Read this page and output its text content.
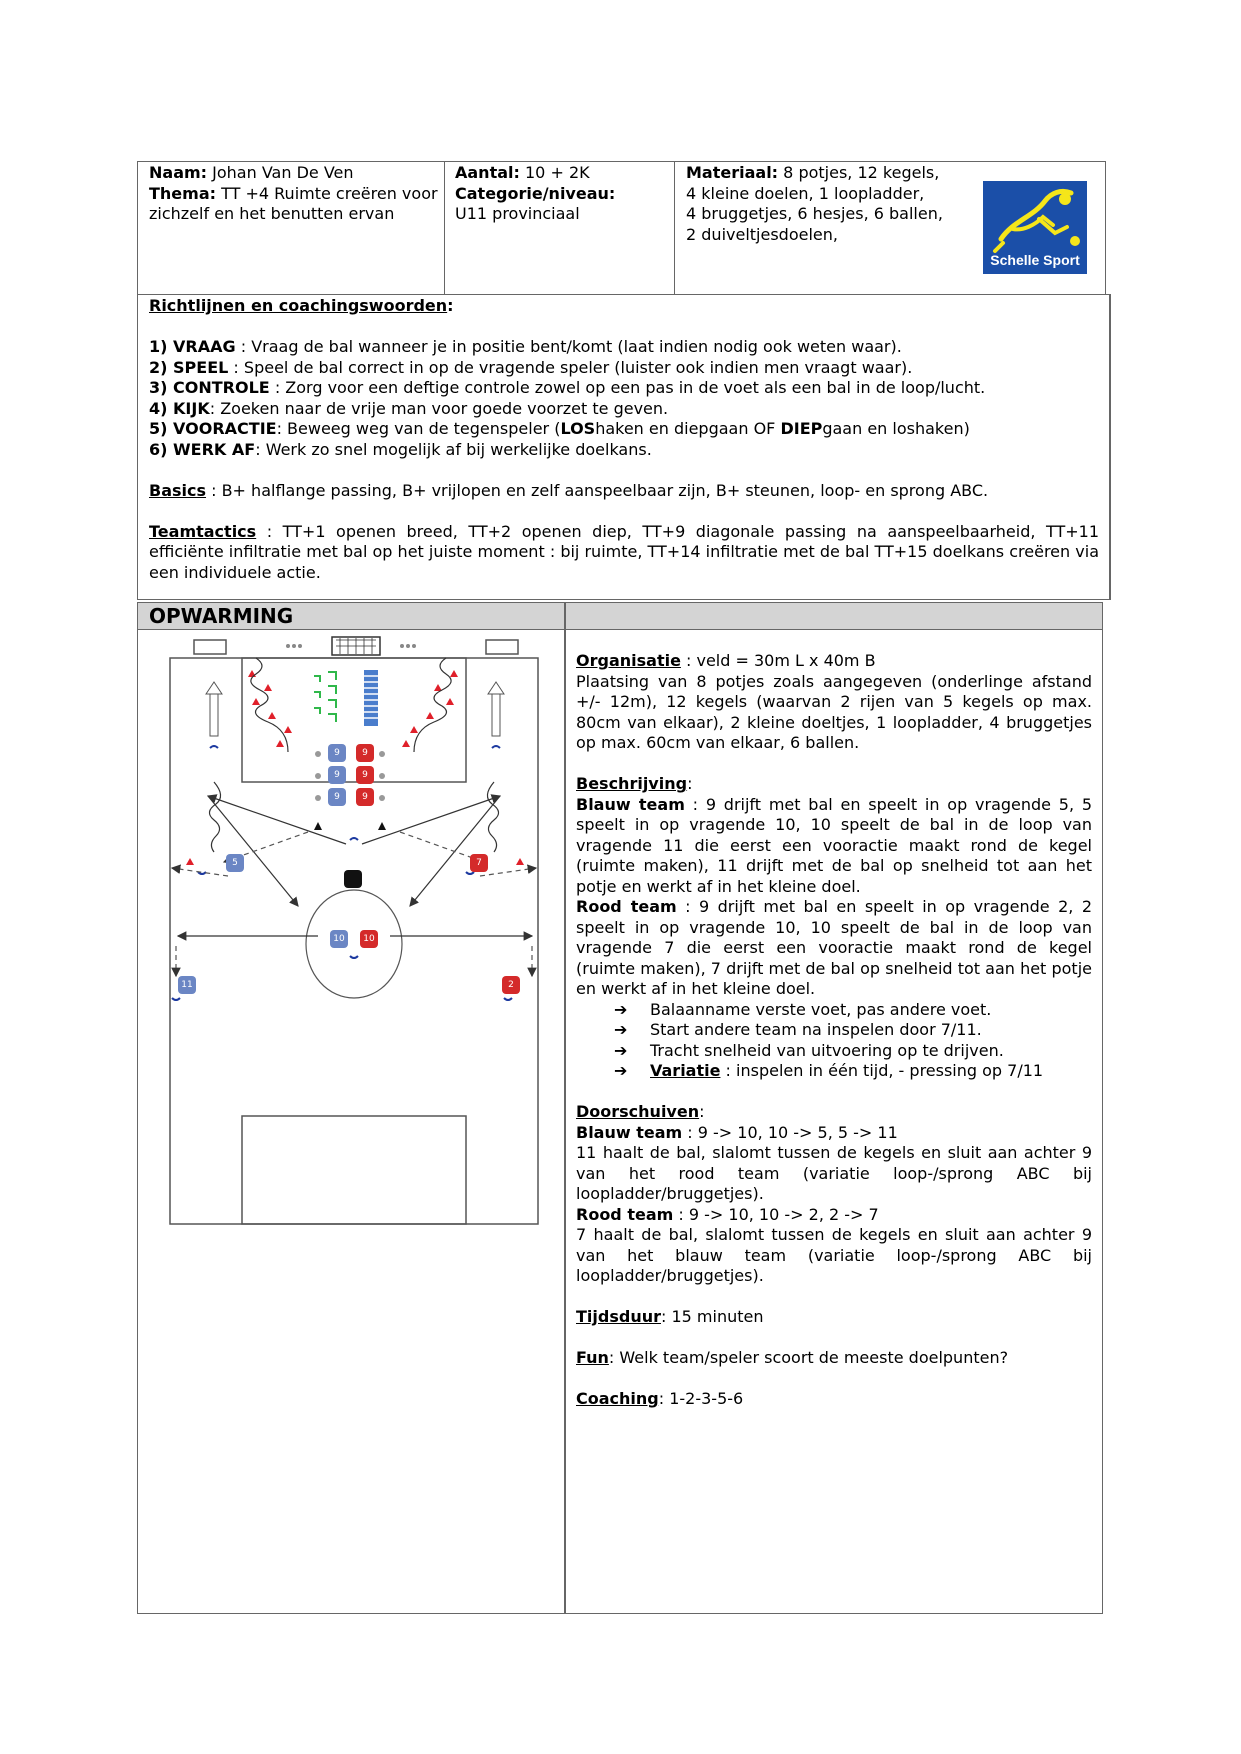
Naam: Johan Van De Ven

Thema: TT +4 Ruimte creëren voor zichzelf en het benutten ervan

Aantal: 10 + 2K

Categorie/niveau:

U11 provinciaal

Materiaal: 8 potjes, 12 kegels,

4 kleine doelen, 1 loopladder,

4 bruggetjes, 6 hesjes, 6 ballen,

2 duiveltjesdoelen,

Schelle Sport

Richtlijnen en coachingswoorden:

1) VRAAG : Vraag de bal wanneer je in positie bent/komt (laat indien nodig ook weten waar).

2) SPEEL : Speel de bal correct in op de vragende speler (luister ook indien men vraagt waar).

3) CONTROLE : Zorg voor een deftige controle zowel op een pas in de voet als een bal in de loop/lucht.

4) KIJK: Zoeken naar de vrije man voor goede voorzet te geven.

5) VOORACTIE: Beweeg weg van de tegenspeler (LOShaken en diepgaan OF DIEPgaan en loshaken)

6) WERK AF: Werk zo snel mogelijk af bij werkelijke doelkans.

Basics : B+ halflange passing, B+ vrijlopen en zelf aanspeelbaar zijn, B+ steunen, loop- en sprong ABC.

Teamtactics : TT+1 openen breed, TT+2 openen diep, TT+9 diagonale passing na aanspeelbaarheid, TT+11 efficiënte infiltratie met bal op het juiste moment : bij ruimte, TT+14 infiltratie met de bal TT+15 doelkans creëren via een individuele actie.

OPWARMING
9
9
9
9
9
9
5	7
10	10
11	2

Organisatie : veld = 30m L x 40m B

Plaatsing van 8 potjes zoals aangegeven (onderlinge afstand +/- 12m), 12 kegels (waarvan 2 rijen van 5 kegels op max. 80cm van elkaar), 2 kleine doeltjes, 1 loopladder, 4 bruggetjes op max. 60cm van elkaar, 6 ballen.

Beschrijving:

Blauw team : 9 drijft met bal en speelt in op vragende 5, 5 speelt in op vragende 10, 10 speelt de bal in de loop van vragende 11 die eerst een vooractie maakt rond de kegel (ruimte maken), 11 drijft met de bal op snelheid tot aan het potje en werkt af in het kleine doel.

Rood team : 9 drijft met bal en speelt in op vragende 2, 2 speelt in op vragende 10, 10 speelt de bal in de loop van vragende 7 die eerst een vooractie maakt rond de kegel (ruimte maken), 7 drijft met de bal op snelheid tot aan het potje en werkt af in het kleine doel.

➔ Balaanname verste voet, pas andere voet.
➔ Start andere team na inspelen door 7/11.
➔ Tracht snelheid van uitvoering op te drijven.
➔ Variatie : inspelen in één tijd, - pressing op 7/11

Doorschuiven:

Blauw team : 9 -> 10, 10 -> 5, 5 -> 11

11 haalt de bal, slalomt tussen de kegels en sluit aan achter 9 van het rood team (variatie loop-/sprong ABC bij loopladder/bruggetjes).

Rood team : 9 -> 10, 10 -> 2, 2 -> 7

7 haalt de bal, slalomt tussen de kegels en sluit aan achter 9 van het blauw team (variatie loop-/sprong ABC bij loopladder/bruggetjes).

Tijdsduur: 15 minuten

Fun: Welk team/speler scoort de meeste doelpunten?

Coaching: 1-2-3-5-6
